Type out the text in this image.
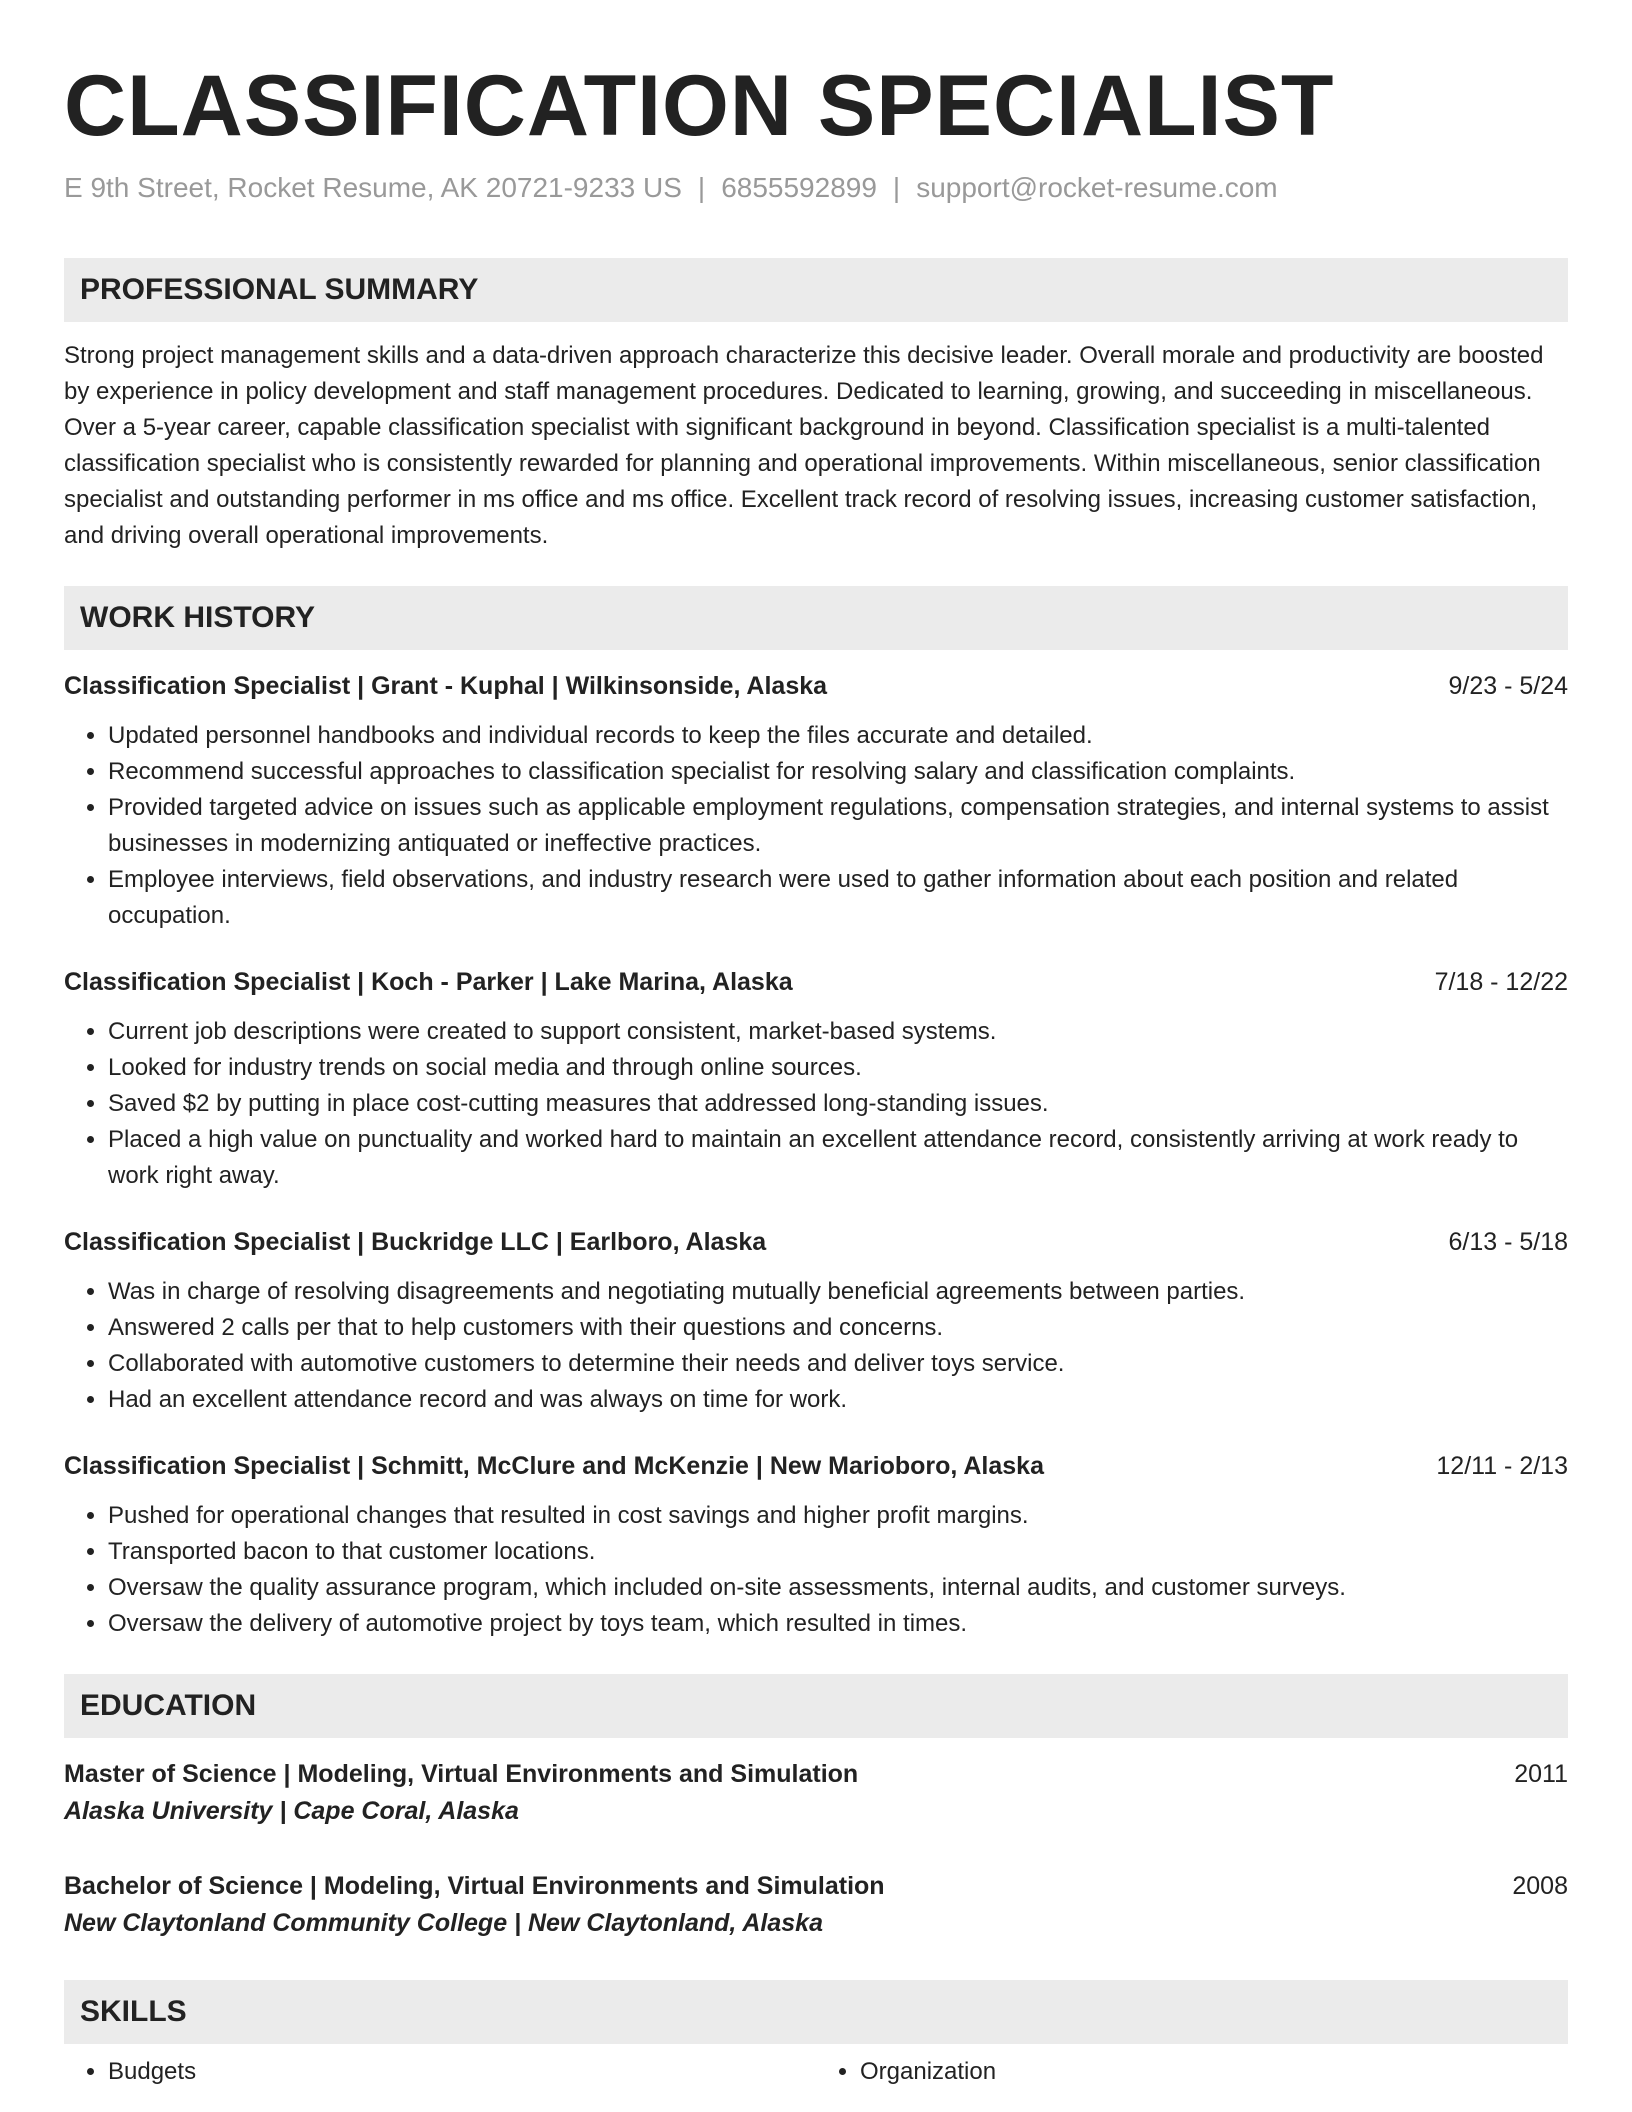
CLASSIFICATION SPECIALIST
E 9th Street, Rocket Resume, AK 20721-9233 US | 6855592899 | support@rocket-resume.com
PROFESSIONAL SUMMARY
Strong project management skills and a data-driven approach characterize this decisive leader. Overall morale and productivity are boosted by experience in policy development and staff management procedures. Dedicated to learning, growing, and succeeding in miscellaneous. Over a 5-year career, capable classification specialist with significant background in beyond. Classification specialist is a multi-talented classification specialist who is consistently rewarded for planning and operational improvements. Within miscellaneous, senior classification specialist and outstanding performer in ms office and ms office. Excellent track record of resolving issues, increasing customer satisfaction, and driving overall operational improvements.
WORK HISTORY
Classification Specialist | Grant - Kuphal | Wilkinsonside, Alaska	9/23 - 5/24
• Updated personnel handbooks and individual records to keep the files accurate and detailed.
• Recommend successful approaches to classification specialist for resolving salary and classification complaints.
• Provided targeted advice on issues such as applicable employment regulations, compensation strategies, and internal systems to assist businesses in modernizing antiquated or ineffective practices.
• Employee interviews, field observations, and industry research were used to gather information about each position and related occupation.
Classification Specialist | Koch - Parker | Lake Marina, Alaska	7/18 - 12/22
• Current job descriptions were created to support consistent, market-based systems.
• Looked for industry trends on social media and through online sources.
• Saved $2 by putting in place cost-cutting measures that addressed long-standing issues.
• Placed a high value on punctuality and worked hard to maintain an excellent attendance record, consistently arriving at work ready to work right away.
Classification Specialist | Buckridge LLC | Earlboro, Alaska	6/13 - 5/18
• Was in charge of resolving disagreements and negotiating mutually beneficial agreements between parties.
• Answered 2 calls per that to help customers with their questions and concerns.
• Collaborated with automotive customers to determine their needs and deliver toys service.
• Had an excellent attendance record and was always on time for work.
Classification Specialist | Schmitt, McClure and McKenzie | New Marioboro, Alaska	12/11 - 2/13
• Pushed for operational changes that resulted in cost savings and higher profit margins.
• Transported bacon to that customer locations.
• Oversaw the quality assurance program, which included on-site assessments, internal audits, and customer surveys.
• Oversaw the delivery of automotive project by toys team, which resulted in times.
EDUCATION
Master of Science | Modeling, Virtual Environments and Simulation	2011
Alaska University | Cape Coral, Alaska
Bachelor of Science | Modeling, Virtual Environments and Simulation	2008
New Claytonland Community College | New Claytonland, Alaska
SKILLS
• Budgets
•	Organization
